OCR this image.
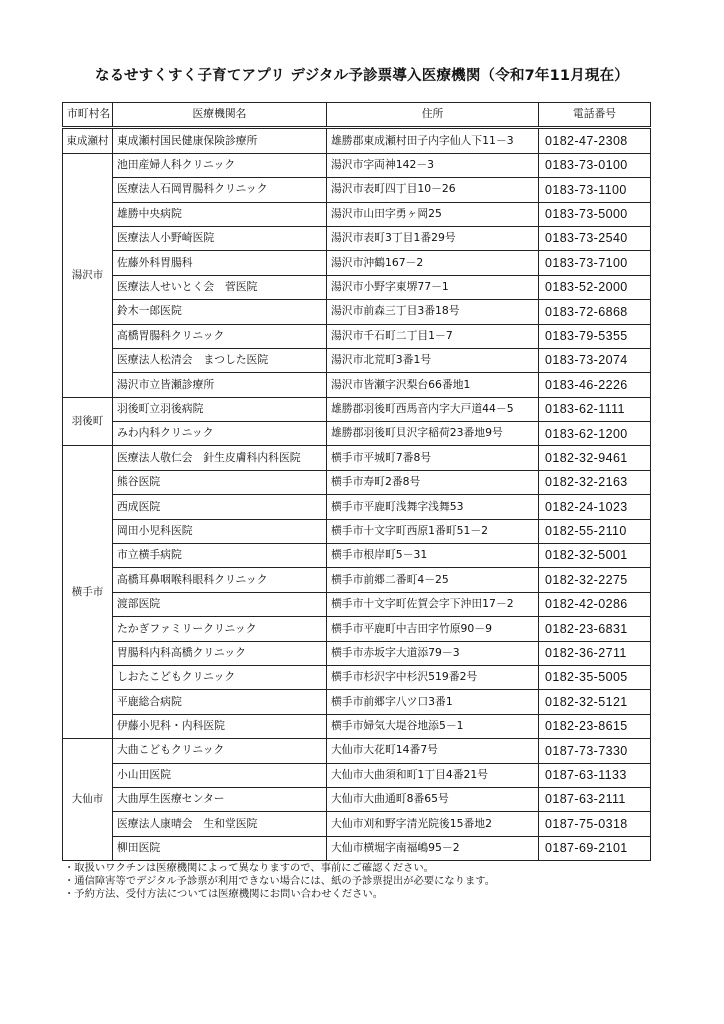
なるせすくすく子育てアプリ デジタル予診票導入医療機関（令和7年11月現在）
市町村名	医療機関名	住所	電話番号
東成瀬村	東成瀬村国民健康保険診療所	雄勝郡東成瀬村田子内字仙人下11－3	0182-47-2308
湯沢市	池田産婦人科クリニック	湯沢市字両神142－3	0183-73-0100
	医療法人石岡胃腸科クリニック	湯沢市表町四丁目10－26	0183-73-1100
	雄勝中央病院	湯沢市山田字勇ヶ岡25	0183-73-5000
	医療法人小野崎医院	湯沢市表町3丁目1番29号	0183-73-2540
	佐藤外科胃腸科	湯沢市沖鶴167－2	0183-73-7100
	医療法人せいとく会　菅医院	湯沢市小野字東堺77－1	0183-52-2000
	鈴木一郎医院	湯沢市前森三丁目3番18号	0183-72-6868
	高橋胃腸科クリニック	湯沢市千石町二丁目1－7	0183-79-5355
	医療法人松清会　まつした医院	湯沢市北荒町3番1号	0183-73-2074
	湯沢市立皆瀬診療所	湯沢市皆瀬字沢梨台66番地1	0183-46-2226
羽後町	羽後町立羽後病院	雄勝郡羽後町西馬音内字大戸道44－5	0183-62-1111
	みわ内科クリニック	雄勝郡羽後町貝沢字稲荷23番地9号	0183-62-1200
横手市	医療法人敬仁会　針生皮膚科内科医院	横手市平城町7番8号	0182-32-9461
	熊谷医院	横手市寿町2番8号	0182-32-2163
	西成医院	横手市平鹿町浅舞字浅舞53	0182-24-1023
	岡田小児科医院	横手市十文字町西原1番町51－2	0182-55-2110
	市立横手病院	横手市根岸町5－31	0182-32-5001
	高橋耳鼻咽喉科眼科クリニック	横手市前郷二番町4－25	0182-32-2275
	渡部医院	横手市十文字町佐賀会字下沖田17－2	0182-42-0286
	たかぎファミリークリニック	横手市平鹿町中吉田字竹原90－9	0182-23-6831
	胃腸科内科高橋クリニック	横手市赤坂字大道添79－3	0182-36-2711
	しおたこどもクリニック	横手市杉沢字中杉沢519番2号	0182-35-5005
	平鹿総合病院	横手市前郷字八ツ口3番1	0182-32-5121
	伊藤小児科・内科医院	横手市婦気大堤谷地添5－1	0182-23-8615
大仙市	大曲こどもクリニック	大仙市大花町14番7号	0187-73-7330
	小山田医院	大仙市大曲須和町1丁目4番21号	0187-63-1133
	大曲厚生医療センター	大仙市大曲通町8番65号	0187-63-2111
	医療法人康晴会　生和堂医院	大仙市刈和野字清光院後15番地2	0187-75-0318
	柳田医院	大仙市横堀字南福嶋95－2	0187-69-2101
・取扱いワクチンは医療機関によって異なりますので、事前にご確認ください。
・通信障害等でデジタル予診票が利用できない場合には、紙の予診票提出が必要になります。
・予約方法、受付方法については医療機関にお問い合わせください。
